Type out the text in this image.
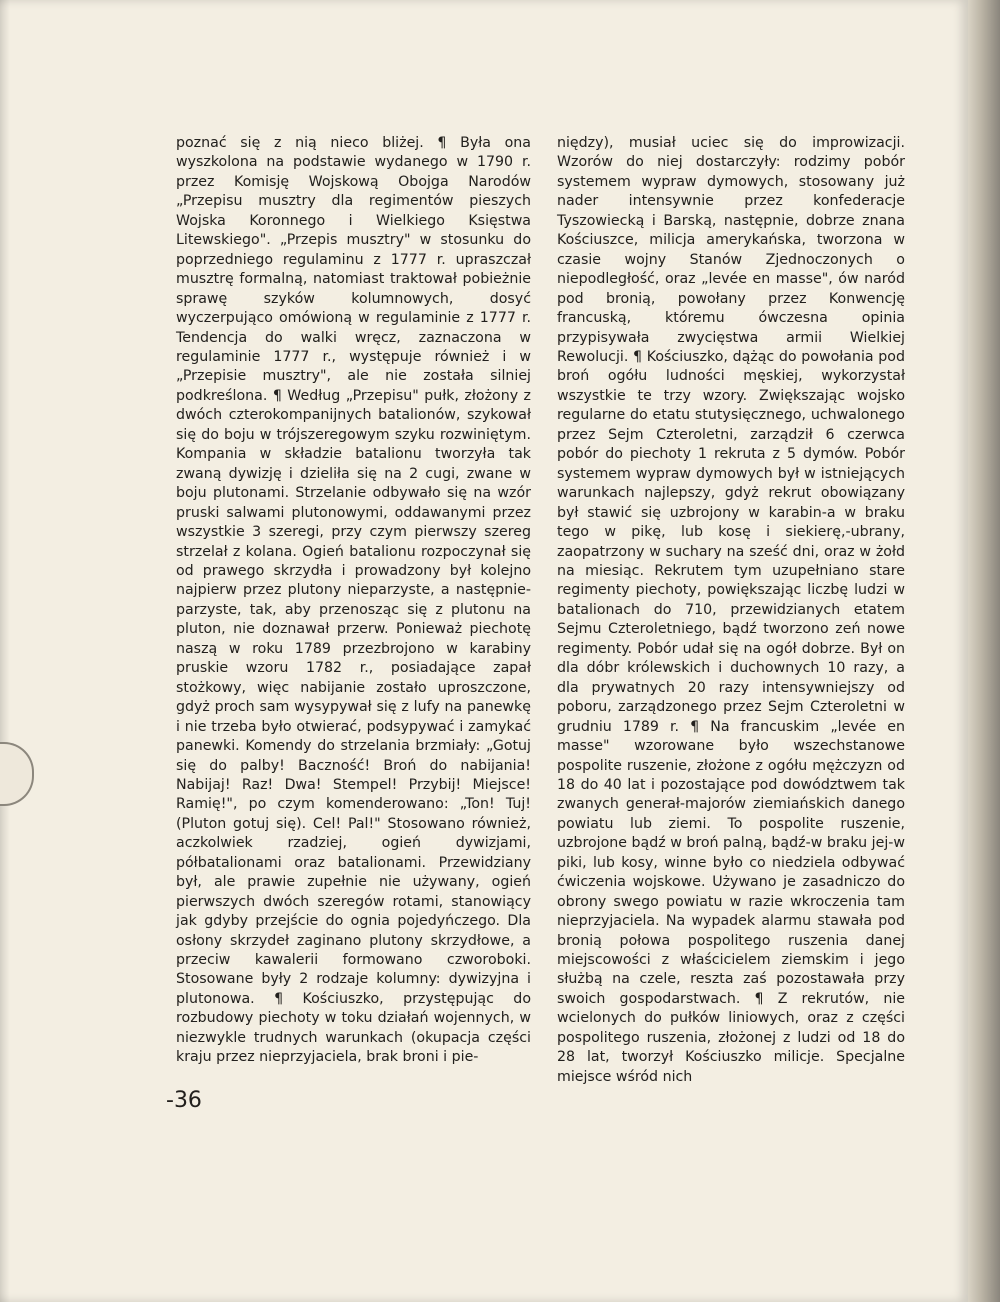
poznać się z nią nieco bliżej. ¶ Była ona wyszkolona na podstawie wydanego w 1790 r. przez Komisję Wojskową Obojga Narodów „Przepisu musztry dla regimentów pieszych Wojska Koronnego i Wielkiego Księstwa Litewskiego". „Przepis musztry" w stosunku do poprzedniego regulaminu z 1777 r. upraszczał musztrę formalną, natomiast traktował pobieżnie sprawę szyków kolumnowych, dosyć wyczerpująco omówioną w regulaminie z 1777 r. Tendencja do walki wręcz, zaznaczona w regulaminie 1777 r., występuje również i w „Przepisie musztry", ale nie została silniej podkreślona. ¶ Według „Przepisu" pułk, złożony z dwóch czterokompanijnych batalionów, szykował się do boju w trójszeregowym szyku rozwiniętym. Kompania w składzie batalionu tworzyła tak zwaną dywizję i dzieliła się na 2 cugi, zwane w boju plutonami. Strzelanie odbywało się na wzór pruski salwami plutonowymi, oddawanymi przez wszystkie 3 szeregi, przy czym pierwszy szereg strzelał z kolana. Ogień batalionu rozpoczynał się od prawego skrzydła i prowadzony był kolejno najpierw przez plutony nieparzyste, a następnie-parzyste, tak, aby przenosząc się z plutonu na pluton, nie doznawał przerw. Ponieważ piechotę naszą w roku 1789 przezbrojono w karabiny pruskie wzoru 1782 r., posiadające zapał stożkowy, więc nabijanie zostało uproszczone, gdyż proch sam wysypywał się z lufy na panewkę i nie trzeba było otwierać, podsypywać i zamykać panewki. Komendy do strzelania brzmiały: „Gotuj się do palby! Baczność! Broń do nabijania! Nabijaj! Raz! Dwa! Stempel! Przybij! Miejsce! Ramię!", po czym komenderowano: „Ton! Tuj! (Pluton gotuj się). Cel! Pal!" Stosowano również, aczkolwiek rzadziej, ogień dywizjami, półbatalionami oraz batalionami. Przewidziany był, ale prawie zupełnie nie używany, ogień pierwszych dwóch szeregów rotami, stanowiący jak gdyby przejście do ognia pojedyńczego. Dla osłony skrzydeł zaginano plutony skrzydłowe, a przeciw kawalerii formowano czworoboki. Stosowane były 2 rodzaje kolumny: dywizyjna i plutonowa. ¶ Kościuszko, przystępując do rozbudowy piechoty w toku działań wojennych, w niezwykle trudnych warunkach (okupacja części kraju przez nieprzyjaciela, brak broni i pie-

niędzy), musiał uciec się do improwizacji. Wzorów do niej dostarczyły: rodzimy pobór systemem wypraw dymowych, stosowany już nader intensywnie przez konfederacje Tyszowiecką i Barską, następnie, dobrze znana Kościuszce, milicja amerykańska, tworzona w czasie wojny Stanów Zjednoczonych o niepodległość, oraz „levée en masse", ów naród pod bronią, powołany przez Konwencję francuską, któremu ówczesna opinia przypisywała zwycięstwa armii Wielkiej Rewolucji. ¶ Kościuszko, dążąc do powołania pod broń ogółu ludności męskiej, wykorzystał wszystkie te trzy wzory. Zwiększając wojsko regularne do etatu stutysięcznego, uchwalonego przez Sejm Czteroletni, zarządził 6 czerwca pobór do piechoty 1 rekruta z 5 dymów. Pobór systemem wypraw dymowych był w istniejących warunkach najlepszy, gdyż rekrut obowiązany był stawić się uzbrojony w karabin-a w braku tego w pikę, lub kosę i siekierę,-ubrany, zaopatrzony w suchary na sześć dni, oraz w żołd na miesiąc. Rekrutem tym uzupełniano stare regimenty piechoty, powiększając liczbę ludzi w batalionach do 710, przewidzianych etatem Sejmu Czteroletniego, bądź tworzono zeń nowe regimenty. Pobór udał się na ogół dobrze. Był on dla dóbr królewskich i duchownych 10 razy, a dla prywatnych 20 razy intensywniejszy od poboru, zarządzonego przez Sejm Czteroletni w grudniu 1789 r. ¶ Na francuskim „levée en masse" wzorowane było wszechstanowe pospolite ruszenie, złożone z ogółu mężczyzn od 18 do 40 lat i pozostające pod dowództwem tak zwanych generał-majorów ziemiańskich danego powiatu lub ziemi. To pospolite ruszenie, uzbrojone bądź w broń palną, bądź-w braku jej-w piki, lub kosy, winne było co niedziela odbywać ćwiczenia wojskowe. Używano je zasadniczo do obrony swego powiatu w razie wkroczenia tam nieprzyjaciela. Na wypadek alarmu stawała pod bronią połowa pospolitego ruszenia danej miejscowości z właścicielem ziemskim i jego służbą na czele, reszta zaś pozostawała przy swoich gospodarstwach. ¶ Z rekrutów, nie wcielonych do pułków liniowych, oraz z części pospolitego ruszenia, złożonej z ludzi od 18 do 28 lat, tworzył Kościuszko milicje. Specjalne miejsce wśród nich

-36
